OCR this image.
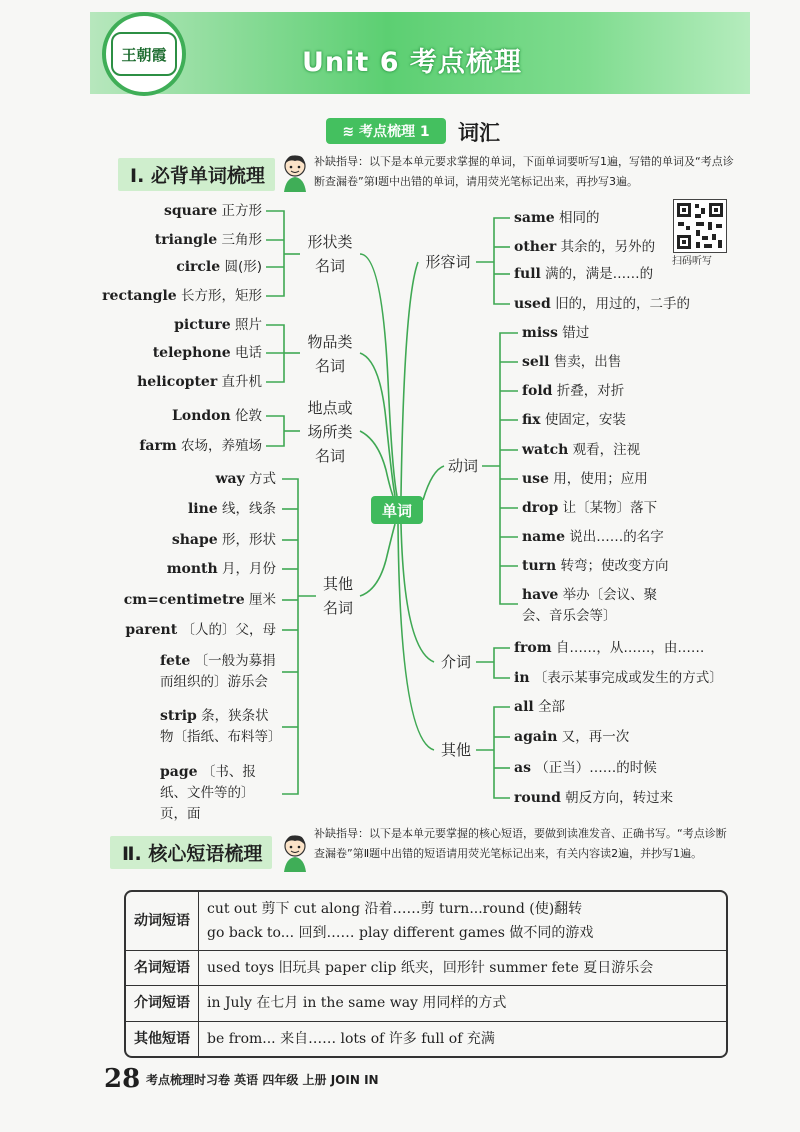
王朝霞	Unit 6 考点梳理
≋ 考点梳理 1	词汇
Ⅰ. 必背单词梳理
补缺指导：以下是本单元要求掌握的单词，下面单词要听写1遍，写错的单词及“考点诊断查漏卷”第Ⅰ题中出错的单词，请用荧光笔标记出来，再抄写3遍。
扫码听写
单词
形状类名词
物品类名词
地点或场所类名词
其他名词
square 正方形
triangle 三角形
circle 圆(形)
rectangle 长方形，矩形
picture 照片
telephone 电话
helicopter 直升机
London 伦敦
farm 农场，养殖场
way 方式
line 线，线条
shape 形，形状
month 月，月份
cm=centimetre 厘米
parent 〔人的〕父，母
fete 〔一般为募捐而组织的〕游乐会
strip 条，狭条状物〔指纸、布料等〕
page 〔书、报纸、文件等的〕页，面
形容词
动词
介词
其他
same 相同的
other 其余的，另外的
full 满的，满是……的
used 旧的，用过的，二手的
miss 错过
sell 售卖，出售
fold 折叠，对折
fix 使固定，安装
watch 观看，注视
use 用，使用；应用
drop 让〔某物〕落下
name 说出……的名字
turn 转弯；使改变方向
have 举办〔会议、聚会、音乐会等〕
from 自……，从……，由……
in 〔表示某事完成或发生的方式〕
all 全部
again 又，再一次
as （正当）……的时候
round 朝反方向，转过来
Ⅱ. 核心短语梳理
补缺指导：以下是本单元要掌握的核心短语，要做到读准发音、正确书写。“考点诊断查漏卷”第Ⅱ题中出错的短语请用荧光笔标记出来，有关内容读2遍，并抄写1遍。
动词短语	cut out 剪下 cut along 沿着……剪 turn...round (使)翻转
go back to... 回到…… play different games 做不同的游戏

名词短语	used toys 旧玩具 paper clip 纸夹，回形针 summer fete 夏日游乐会
介词短语	in July 在七月 in the same way 用同样的方式
其他短语	be from... 来自…… lots of 许多 full of 充满
28 考点梳理时习卷 英语 四年级 上册 JOIN IN
